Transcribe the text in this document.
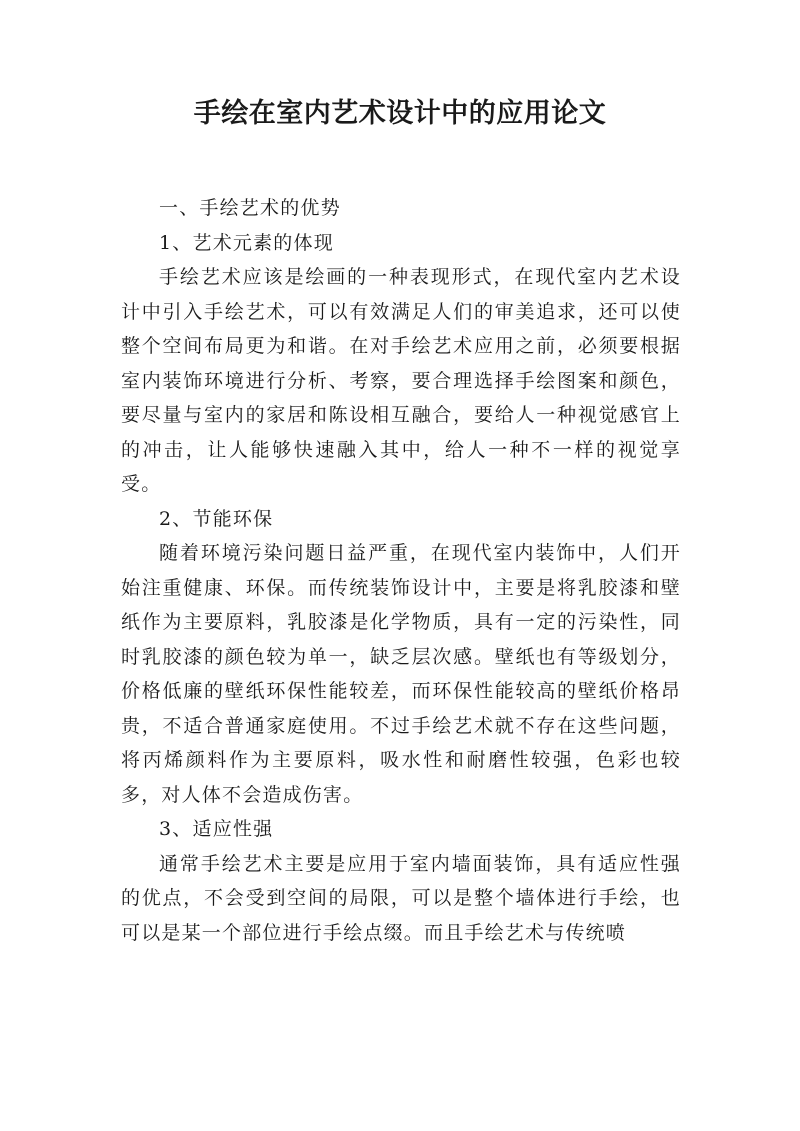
手绘在室内艺术设计中的应用论文

一、手绘艺术的优势

1、艺术元素的体现

手绘艺术应该是绘画的一种表现形式，在现代室内艺术设计中引入手绘艺术，可以有效满足人们的审美追求，还可以使整个空间布局更为和谐。在对手绘艺术应用之前，必须要根据室内装饰环境进行分析、考察，要合理选择手绘图案和颜色，要尽量与室内的家居和陈设相互融合，要给人一种视觉感官上的冲击，让人能够快速融入其中，给人一种不一样的视觉享受。

2、节能环保

随着环境污染问题日益严重，在现代室内装饰中，人们开始注重健康、环保。而传统装饰设计中，主要是将乳胶漆和壁纸作为主要原料，乳胶漆是化学物质，具有一定的污染性，同时乳胶漆的颜色较为单一，缺乏层次感。壁纸也有等级划分，价格低廉的壁纸环保性能较差，而环保性能较高的壁纸价格昂贵，不适合普通家庭使用。不过手绘艺术就不存在这些问题，将丙烯颜料作为主要原料，吸水性和耐磨性较强，色彩也较多，对人体不会造成伤害。

3、适应性强

通常手绘艺术主要是应用于室内墙面装饰，具有适应性强的优点，不会受到空间的局限，可以是整个墙体进行手绘，也可以是某一个部位进行手绘点缀。而且手绘艺术与传统喷
